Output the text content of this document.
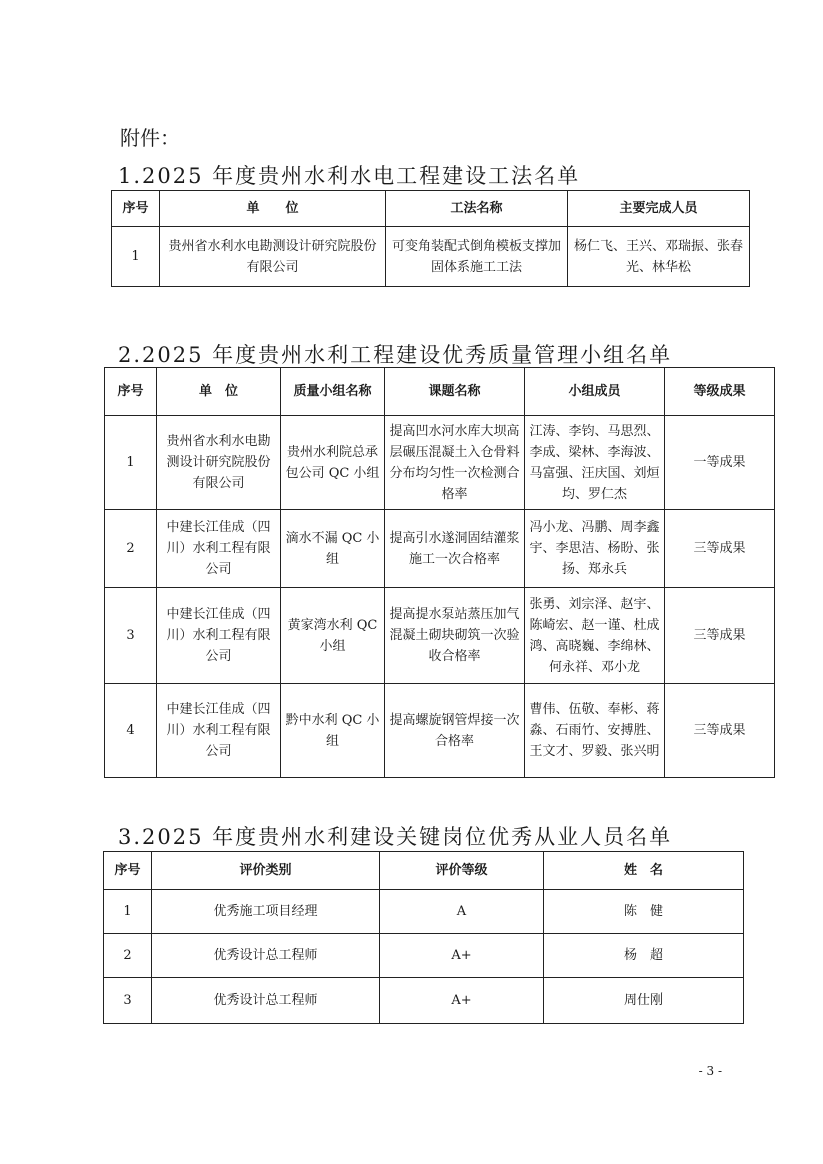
附件：
1.2025 年度贵州水利水电工程建设工法名单
序号	单　　位	工法名称	主要完成人员
1	贵州省水利水电勘测设计研究院股份有限公司	可变角装配式倒角模板支撑加固体系施工工法	杨仁飞、王兴、邓瑞振、张春光、林华松
2.2025 年度贵州水利工程建设优秀质量管理小组名单
序号	单　位	质量小组名称	课题名称	小组成员	等级成果
1	贵州省水利水电勘测设计研究院股份有限公司	贵州水利院总承包公司 QC 小组	提高凹水河水库大坝高层碾压混凝土入仓骨料分布均匀性一次检测合格率	江涛、李钧、马思烈、李成、梁林、李海波、马富强、汪庆国、刘烜均、罗仁杰	一等成果
2	中建长江佳成（四川）水利工程有限公司	滴水不漏 QC 小组	提高引水遂洞固结灌浆施工一次合格率	冯小龙、冯鹏、周李鑫宇、李思洁、杨盼、张扬、郑永兵	三等成果
3	中建长江佳成（四川）水利工程有限公司	黄家湾水利 QC 小组	提高提水泵站蒸压加气混凝土砌块砌筑一次验收合格率	张勇、刘宗泽、赵宇、陈崎宏、赵一谨、杜成鸿、高晓巍、李绵林、何永祥、邓小龙	三等成果
4	中建长江佳成（四川）水利工程有限公司	黔中水利 QC 小组	提高螺旋钢管焊接一次合格率	曹伟、伍敬、奉彬、蒋淼、石雨竹、安搏胜、王文才、罗毅、张兴明	三等成果
3.2025 年度贵州水利建设关键岗位优秀从业人员名单
序号	评价类别	评价等级	姓　名
1	优秀施工项目经理	A	陈　健
2	优秀设计总工程师	A+	杨　超
3	优秀设计总工程师	A+	周仕刚
- 3 -
